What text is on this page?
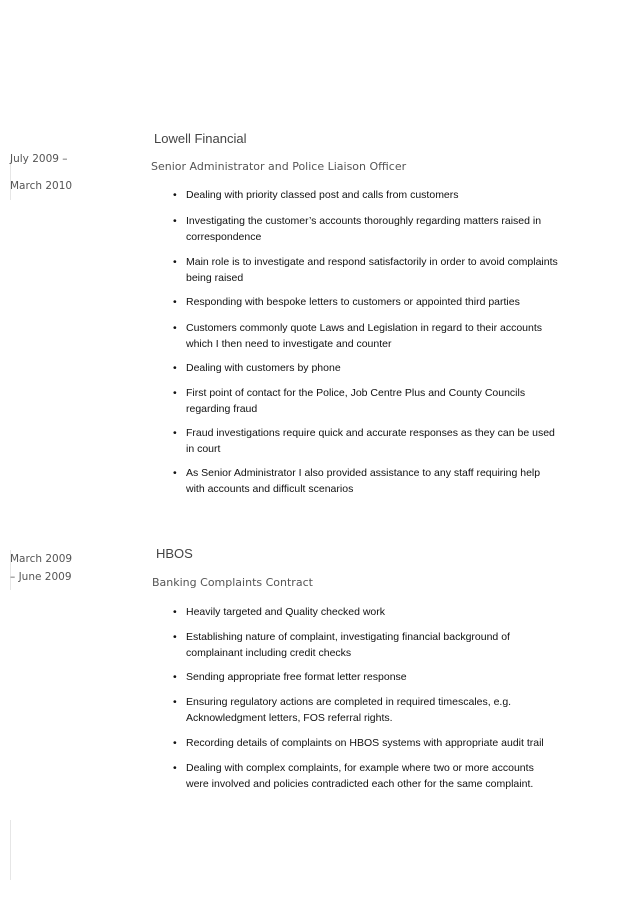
Lowell Financial
July 2009 –
Senior Administrator and Police Liaison Officer
March 2010
• Dealing with priority classed post and calls from customers
• Investigating the customer’s accounts thoroughly regarding matters raised in correspondence
• Main role is to investigate and respond satisfactorily in order to avoid complaints being raised
• Responding with bespoke letters to customers or appointed third parties
• Customers commonly quote Laws and Legislation in regard to their accounts which I then need to investigate and counter
• Dealing with customers by phone
• First point of contact for the Police, Job Centre Plus and County Councils regarding fraud
• Fraud investigations require quick and accurate responses as they can be used in court
• As Senior Administrator I also provided assistance to any staff requiring help with accounts and difficult scenarios
HBOS
March 2009
– June 2009	Banking Complaints Contract
• Heavily targeted and Quality checked work
• Establishing nature of complaint, investigating financial background of complainant including credit checks
• Sending appropriate free format letter response
• Ensuring regulatory actions are completed in required timescales, e.g. Acknowledgment letters, FOS referral rights.
• Recording details of complaints on HBOS systems with appropriate audit trail
• Dealing with complex complaints, for example where two or more accounts were involved and policies contradicted each other for the same complaint.
